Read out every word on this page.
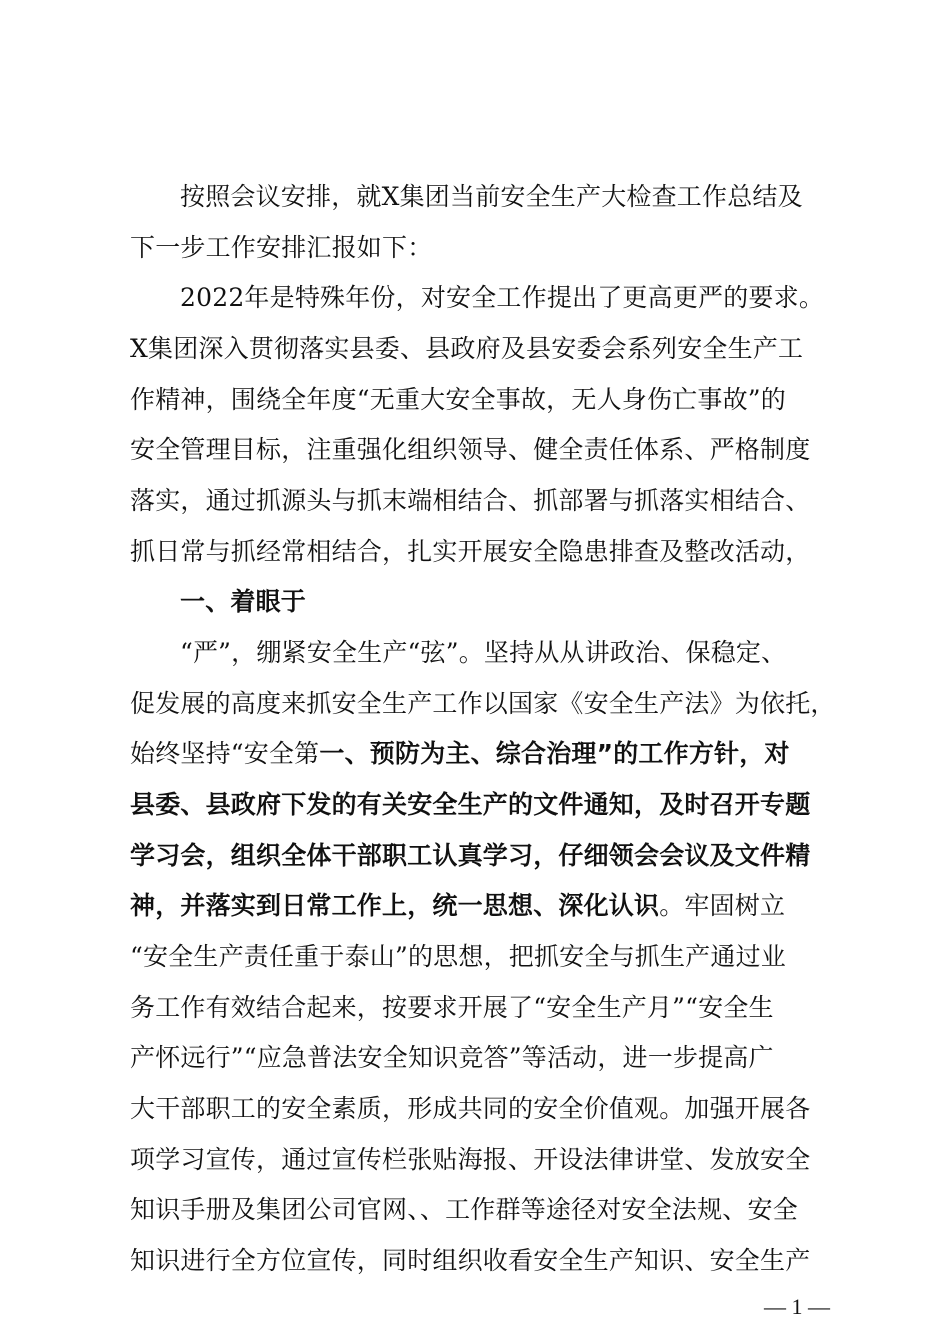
按照会议安排，就X集团当前安全生产大检查工作总结及
下一步工作安排汇报如下：
2022年是特殊年份，对安全工作提出了更高更严的要求。
X集团深入贯彻落实县委、县政府及县安委会系列安全生产工
作精神，围绕全年度“无重大安全事故，无人身伤亡事故”的
安全管理目标，注重强化组织领导、健全责任体系、严格制度
落实，通过抓源头与抓末端相结合、抓部署与抓落实相结合、
抓日常与抓经常相结合，扎实开展安全隐患排查及整改活动，
一、着眼于
“严”，绷紧安全生产“弦”。坚持从从讲政治、保稳定、
促发展的高度来抓安全生产工作以国家《安全生产法》为依托，
始终坚持“安全第一、预防为主、综合治理”的工作方针，对
县委、县政府下发的有关安全生产的文件通知，及时召开专题
学习会，组织全体干部职工认真学习，仔细领会会议及文件精
神，并落实到日常工作上，统一思想、深化认识。牢固树立
“安全生产责任重于泰山”的思想，把抓安全与抓生产通过业
务工作有效结合起来，按要求开展了“安全生产月”“安全生
产怀远行”“应急普法安全知识竞答”等活动，进一步提高广
大干部职工的安全素质，形成共同的安全价值观。加强开展各
项学习宣传，通过宣传栏张贴海报、开设法律讲堂、发放安全
知识手册及集团公司官网、、工作群等途径对安全法规、安全
知识进行全方位宣传，同时组织收看安全生产知识、安全生产
— 1 —
